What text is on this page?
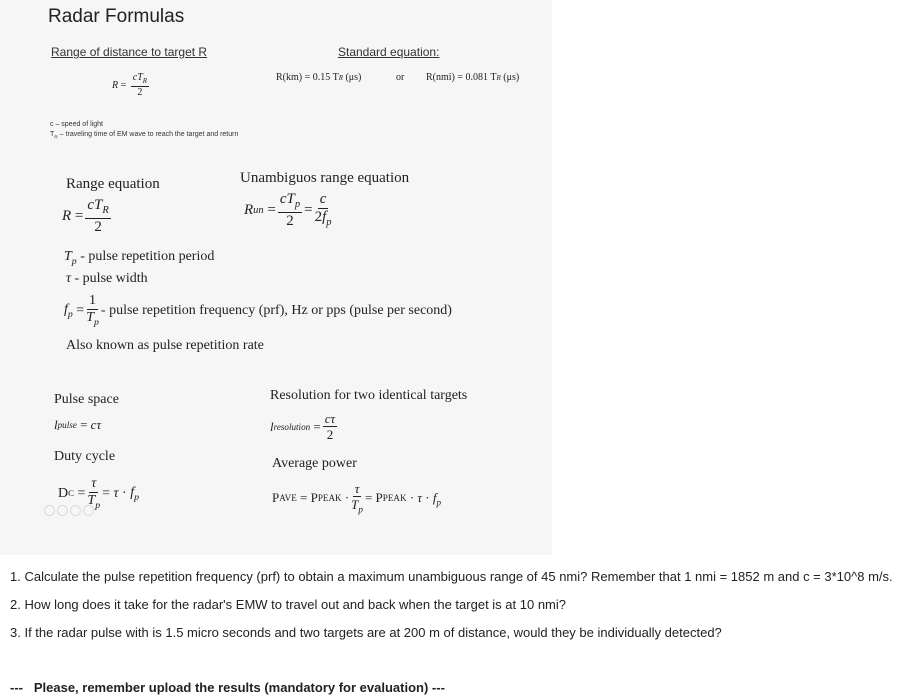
Radar Formulas
Range of distance to target R	Standard equation:
$R = \frac{cT_R}{2}$	R(km) = 0.15 T R
(μs)	or R(nmi) = 0.081 T R
(μs)
c – speed of light
$T_R$ – traveling time of EM wave to reach the target and return
Range equation	Unambiguos range equation
$R = \frac{cT_R}{2}$	R un = $\frac{cT_p}{2} = \frac{c}{2f_p}$
$T_p$ - pulse repetition period
τ - pulse width
$f_p = \frac{1}{T_p}$ - pulse repetition frequency (prf), Hz or pps (pulse per second)
Also known as pulse repetition rate
Pulse space	Resolution for two identical targets
l pulse = cτ	l resolution = $\frac{c\tau}{2}$
Duty cycle	Average power
D $C = \frac{\tau}{T_p} = \tau \cdot f_p$	P AVE = P PEAK · $\frac{\tau}{T_p} = P$ PEAK · $\tau \cdot f_p$
1. Calculate the pulse repetition frequency (prf) to obtain a maximum unambiguous range of 45 nmi? Remember that 1 nmi = 1852 m and c = 3*10^8 m/s.
2. How long does it take for the radar's EMW to travel out and back when the target is at 10 nmi?
3. If the radar pulse with is 1.5 micro seconds and two targets are at 200 m of distance, would they be individually detected?
--- Please, remember upload the results (mandatory for evaluation) ---
